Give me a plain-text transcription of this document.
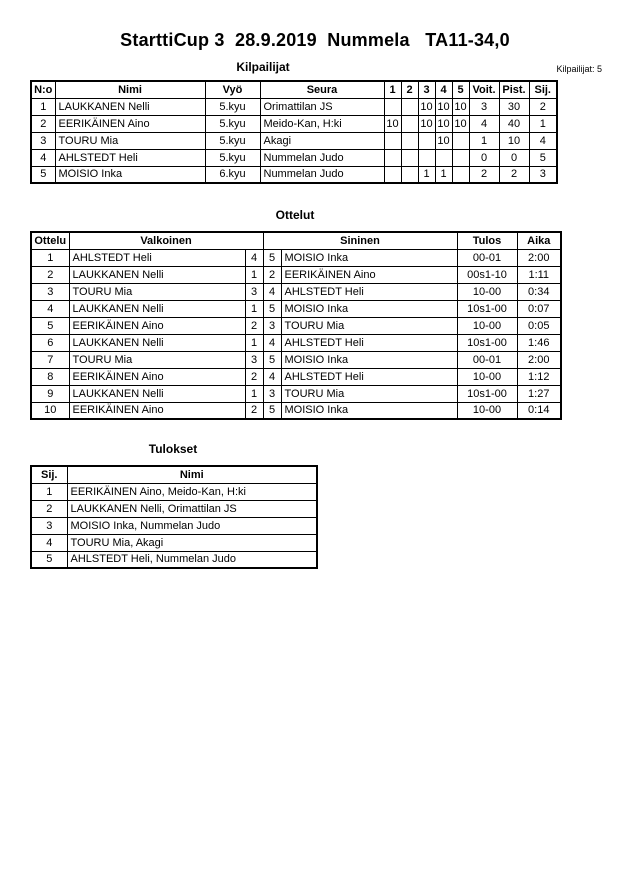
StarttiCup 3  28.9.2019  Nummela   TA11-34,0
Kilpailijat	Kilpailijat: 5
N:o	Nimi	Vyö	Seura	1	2	3	4	5	Voit.	Pist.	Sij.
1	LAUKKANEN Nelli	5.kyu	Orimattilan JS			10	10	10	3	30	2
2	EERIKÄINEN Aino	5.kyu	Meido-Kan, H:ki	10		10	10	10	4	40	1
3	TOURU Mia	5.kyu	Akagi				10		1	10	4
4	AHLSTEDT Heli	5.kyu	Nummelan Judo						0	0	5
5	MOISIO Inka	6.kyu	Nummelan Judo			1	1		2	2	3
Ottelut
Ottelu	Valkoinen		Sininen		Tulos	Aika
1	AHLSTEDT Heli	4	5	MOISIO Inka	00-01	2:00
2	LAUKKANEN Nelli	1	2	EERIKÄINEN Aino	00s1-10	1:11
3	TOURU Mia	3	4	AHLSTEDT Heli	10-00	0:34
4	LAUKKANEN Nelli	1	5	MOISIO Inka	10s1-00	0:07
5	EERIKÄINEN Aino	2	3	TOURU Mia	10-00	0:05
6	LAUKKANEN Nelli	1	4	AHLSTEDT Heli	10s1-00	1:46
7	TOURU Mia	3	5	MOISIO Inka	00-01	2:00
8	EERIKÄINEN Aino	2	4	AHLSTEDT Heli	10-00	1:12
9	LAUKKANEN Nelli	1	3	TOURU Mia	10s1-00	1:27
10	EERIKÄINEN Aino	2	5	MOISIO Inka	10-00	0:14
Tulokset
Sij.	Nimi
1	EERIKÄINEN Aino, Meido-Kan, H:ki
2	LAUKKANEN Nelli, Orimattilan JS
3	MOISIO Inka, Nummelan Judo
4	TOURU Mia, Akagi
5	AHLSTEDT Heli, Nummelan Judo
